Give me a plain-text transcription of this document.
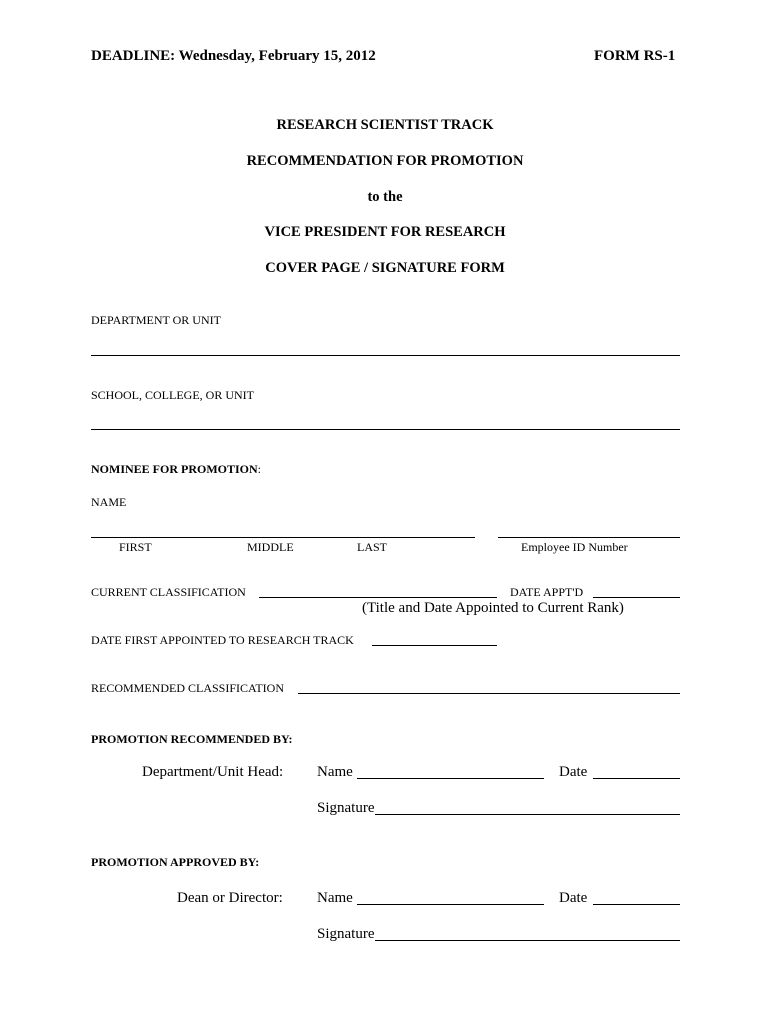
DEADLINE: Wednesday, February 15, 2012	FORM RS-1
RESEARCH SCIENTIST TRACK
RECOMMENDATION FOR PROMOTION
to the
VICE PRESIDENT FOR RESEARCH
COVER PAGE / SIGNATURE FORM
DEPARTMENT OR UNIT
SCHOOL, COLLEGE, OR UNIT
NOMINEE FOR PROMOTION:
NAME
FIRST	MIDDLE	LAST	Employee ID Number
CURRENT CLASSIFICATION	DATE APPT'D
(Title and Date Appointed to Current Rank)
DATE FIRST APPOINTED TO RESEARCH TRACK
RECOMMENDED CLASSIFICATION
PROMOTION RECOMMENDED BY:
Department/Unit Head: Name	Date
Signature
PROMOTION APPROVED BY:
Dean or Director: Name	Date
Signature
